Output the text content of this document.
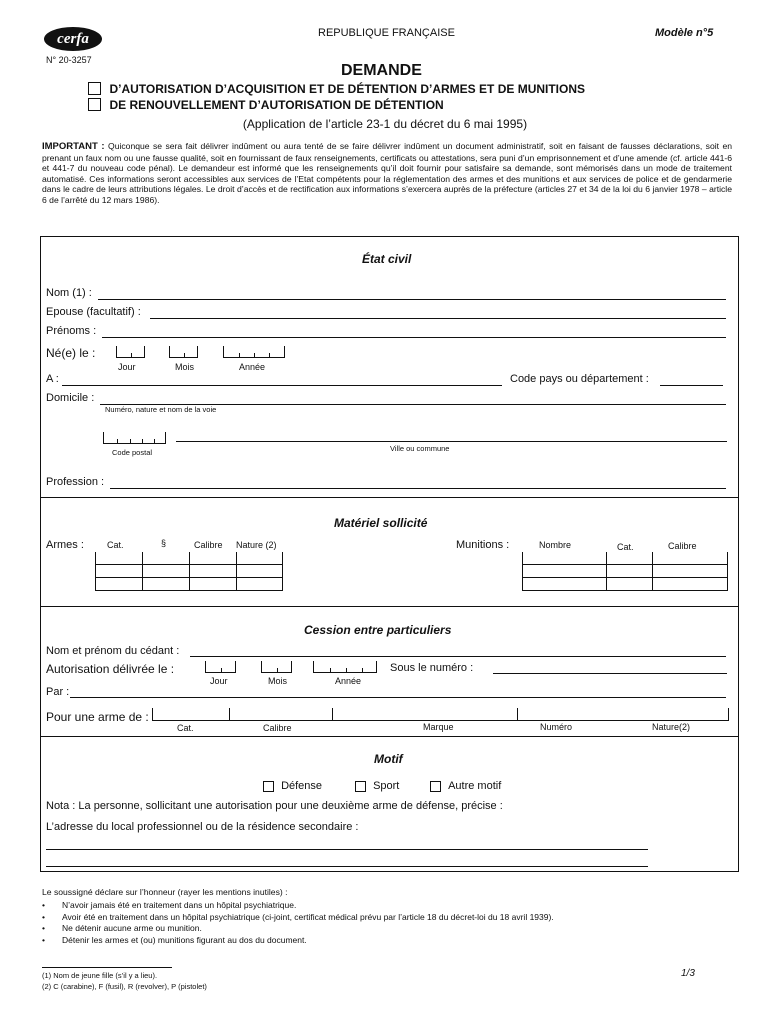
cerfa
N° 20-3257
REPUBLIQUE FRANÇAISE	Modèle n°5
DEMANDE
D’AUTORISATION D’ACQUISITION ET DE DÉTENTION D’ARMES ET DE MUNITIONS
DE RENOUVELLEMENT D’AUTORISATION DE DÉTENTION
(Application de l’article 23-1 du décret du 6 mai 1995)
IMPORTANT : Quiconque se sera fait délivrer indûment ou aura tenté de se faire délivrer indûment un document administratif, soit en faisant de fausses déclarations, soit en prenant un faux nom ou une fausse qualité, soit en fournissant de faux renseignements, certificats ou attestations, sera puni d’un emprisonnement et d’une amende (cf. article 441-6 et 441-7 du nouveau code pénal). Le demandeur est informé que les renseignements qu’il doit fournir pour satisfaire sa demande, sont mémorisés dans un mode de traitement automatisé. Ces informations seront accessibles aux services de l’Etat compétents pour la réglementation des armes et des munitions et aux services de police et de gendarmerie dans le cadre de leurs attributions légales. Le droit d’accès et de rectification aux informations s’exercera auprès de la préfecture (articles 27 et 34 de la loi du 6 janvier 1978 – article 6 de l’arrêté du 12 mars 1986).
État civil
Nom (1) :
Epouse (facultatif) :
Prénoms :
Né(e) le :
Jour	Mois	Année
A :	Code pays ou département :
Domicile :
Numéro, nature et nom de la voie
Code postal	Ville ou commune
Profession :
Matériel sollicité
Armes :	Cat.	§	Calibre Nature (2)	Munitions :	Nombre	Cat.	Calibre
Cession entre particuliers
Nom et prénom du cédant :
Autorisation délivrée le :
Jour	Mois	Année
Sous le numéro :
Par :
Pour une arme de :
Cat.	Calibre	Marque	Numéro	Nature(2)
Motif
Défense	Sport	Autre motif
Nota : La personne, sollicitant une autorisation pour une deuxième arme de défense, précise :
L’adresse du local professionnel ou de la résidence secondaire :
Le soussigné déclare sur l’honneur (rayer les mentions inutiles) :
• N’avoir jamais été en traitement dans un hôpital psychiatrique.
• Avoir été en traitement dans un hôpital psychiatrique (ci-joint, certificat médical prévu par l’article 18 du décret-loi du 18 avril 1939).
• Ne détenir aucune arme ou munition.
• Détenir les armes et (ou) munitions figurant au dos du document.
(1) Nom de jeune fille (s’il y a lieu).
(2) C (carabine), F (fusil), R (revolver), P (pistolet)
1/3
